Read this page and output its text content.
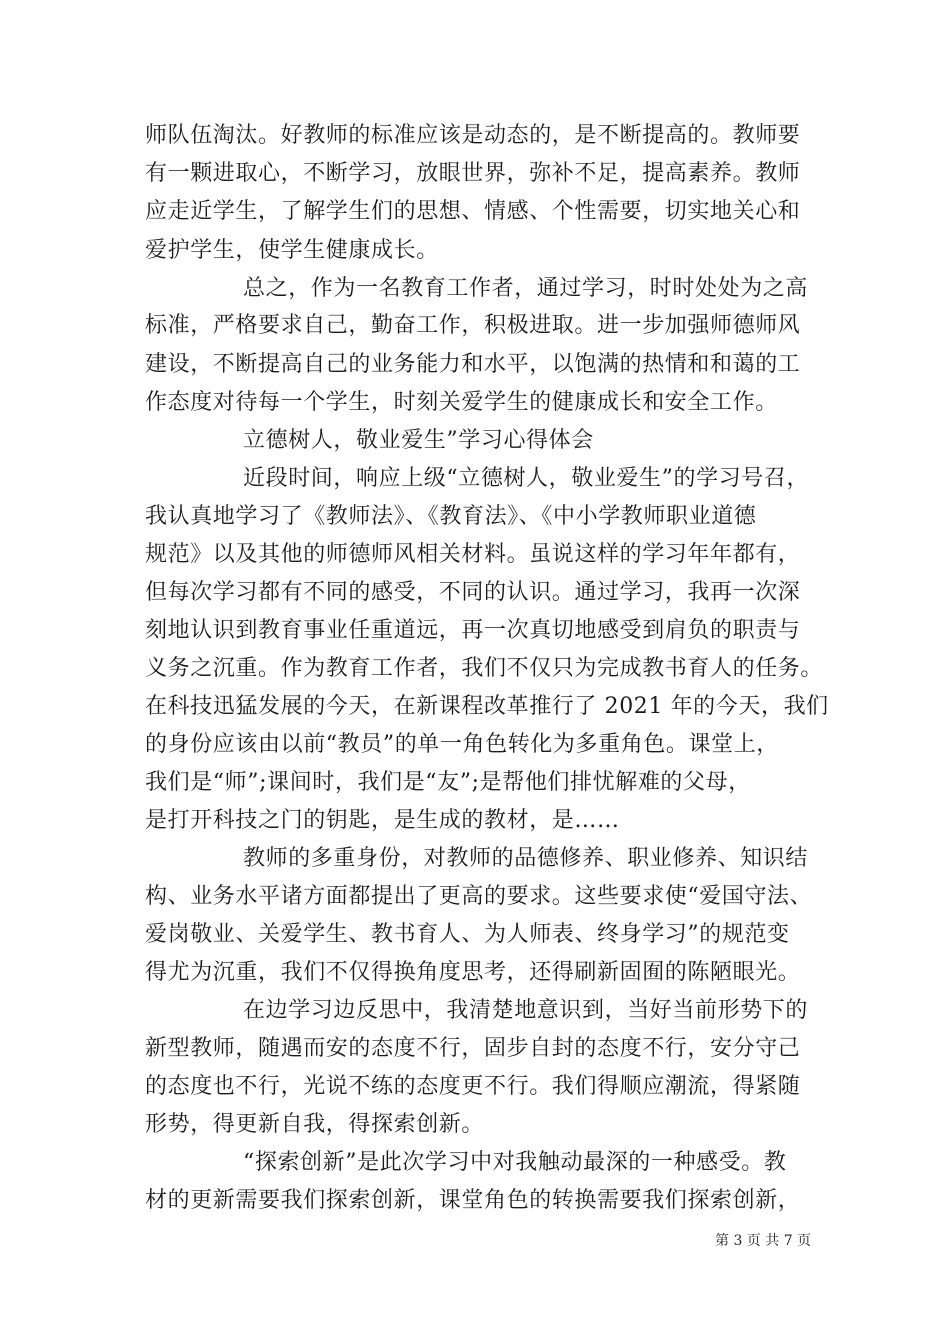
师队伍淘汰。好教师的标准应该是动态的，是不断提高的。教师要
有一颗进取心，不断学习，放眼世界，弥补不足，提高素养。教师
应走近学生，了解学生们的思想、情感、个性需要，切实地关心和
爱护学生，使学生健康成长。
总之，作为一名教育工作者，通过学习，时时处处为之高
标准，严格要求自己，勤奋工作，积极进取。进一步加强师德师风
建设，不断提高自己的业务能力和水平，以饱满的热情和和蔼的工
作态度对待每一个学生，时刻关爱学生的健康成长和安全工作。
立德树人，敬业爱生”学习心得体会
近段时间，响应上级“立德树人，敬业爱生”的学习号召，
我认真地学习了《教师法》、《教育法》、《中小学教师职业道德
规范》以及其他的师德师风相关材料。虽说这样的学习年年都有，
但每次学习都有不同的感受，不同的认识。通过学习，我再一次深
刻地认识到教育事业任重道远，再一次真切地感受到肩负的职责与
义务之沉重。作为教育工作者，我们不仅只为完成教书育人的任务。
在科技迅猛发展的今天，在新课程改革推行了 2021 年的今天，我们
的身份应该由以前“教员”的单一角色转化为多重角色。课堂上，
我们是“师”;课间时，我们是“友”;是帮他们排忧解难的父母，
是打开科技之门的钥匙，是生成的教材，是……
教师的多重身份，对教师的品德修养、职业修养、知识结
构、业务水平诸方面都提出了更高的要求。这些要求使“爱国守法、
爱岗敬业、关爱学生、教书育人、为人师表、终身学习”的规范变
得尤为沉重，我们不仅得换角度思考，还得刷新固囿的陈陋眼光。
在边学习边反思中，我清楚地意识到，当好当前形势下的
新型教师，随遇而安的态度不行，固步自封的态度不行，安分守己
的态度也不行，光说不练的态度更不行。我们得顺应潮流，得紧随
形势，得更新自我，得探索创新。
“探索创新”是此次学习中对我触动最深的一种感受。教
材的更新需要我们探索创新，课堂角色的转换需要我们探索创新，
第 3 页 共 7 页
